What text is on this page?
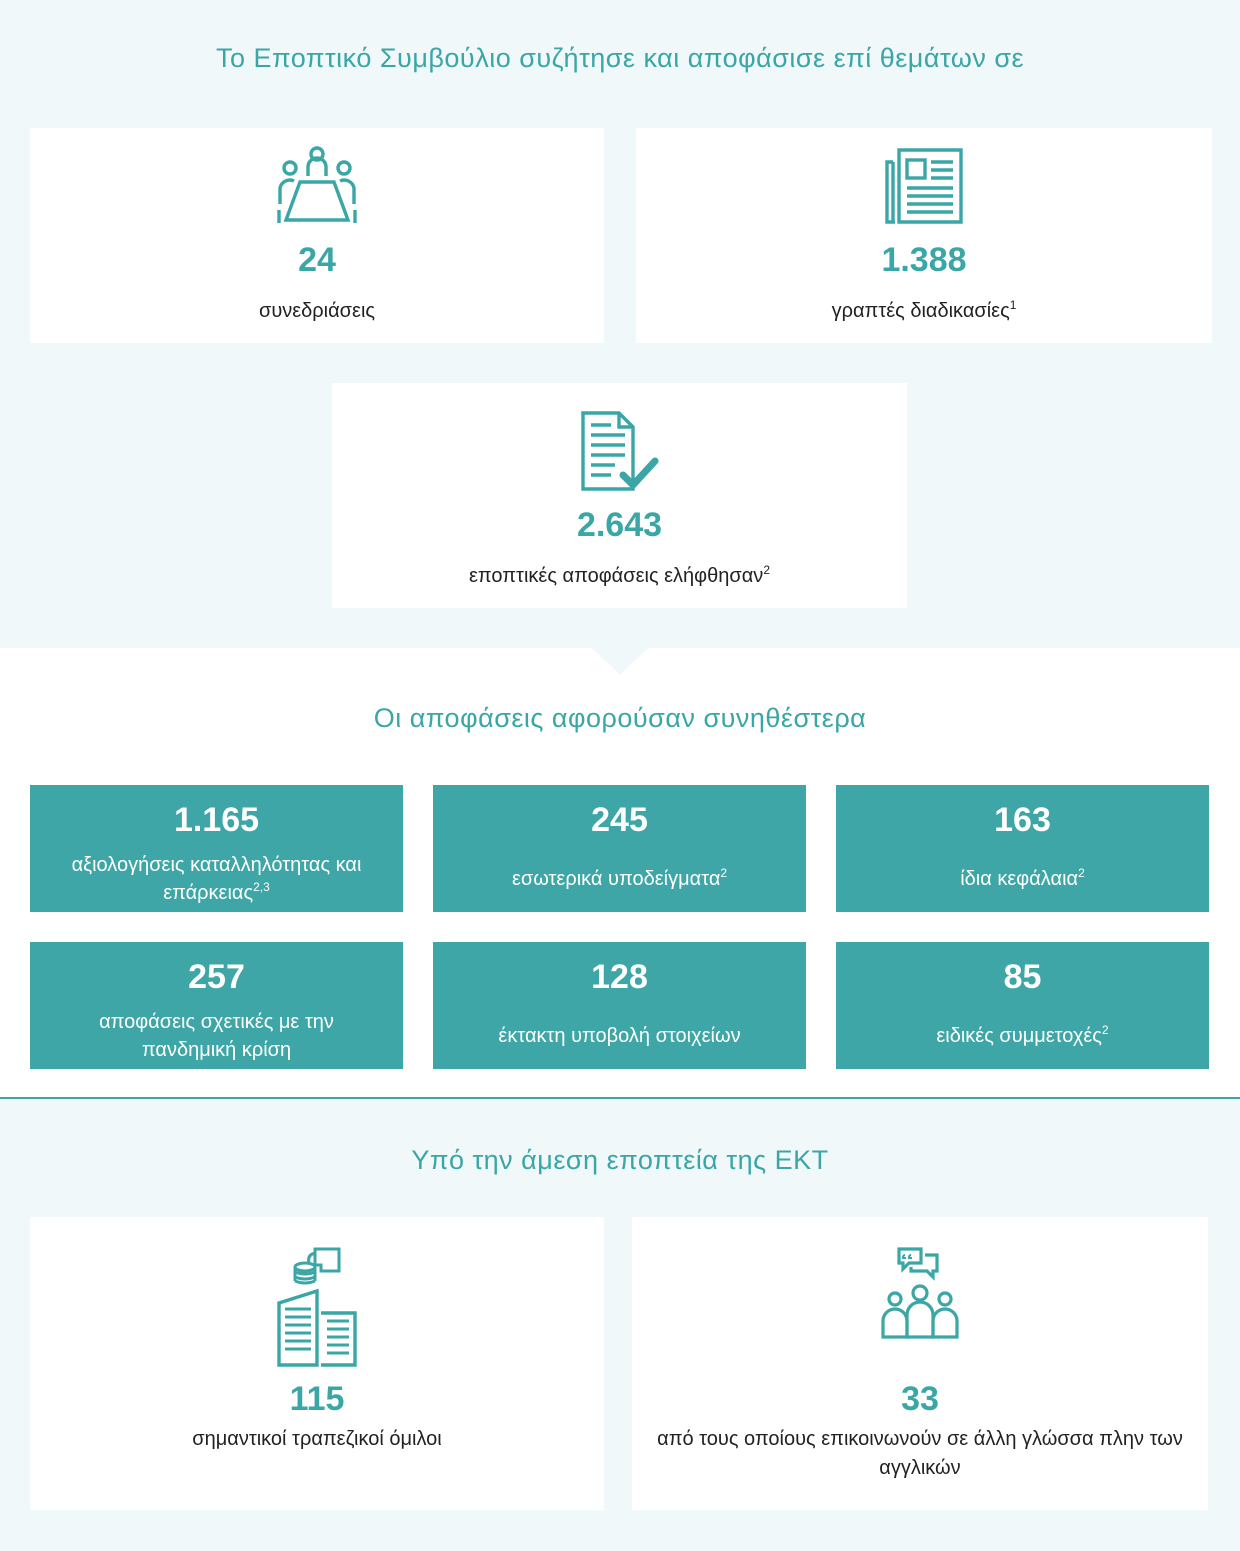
Το Εποπτικό Συμβούλιο συζήτησε και αποφάσισε επί θεμάτων σε
24
συνεδριάσεις
1.388
γραπτές διαδικασίες$^1$
2.643
εποπτικές αποφάσεις ελήφθησαν$^2$
Οι αποφάσεις αφορούσαν συνηθέστερα
1.165
αξιολογήσεις καταλληλότητας και επάρκειας$^{2,3}$
245
εσωτερικά υποδείγματα$^2$
163
ίδια κεφάλαια$^2$
257
αποφάσεις σχετικές με την πανδημική κρίση
128
έκτακτη υποβολή στοιχείων
85
ειδικές συμμετοχές$^2$
Υπό την άμεση εποπτεία της ΕΚΤ
115
σημαντικοί τραπεζικοί όμιλοι
33
από τους οποίους επικοινωνούν σε άλλη γλώσσα πλην των αγγλικών
